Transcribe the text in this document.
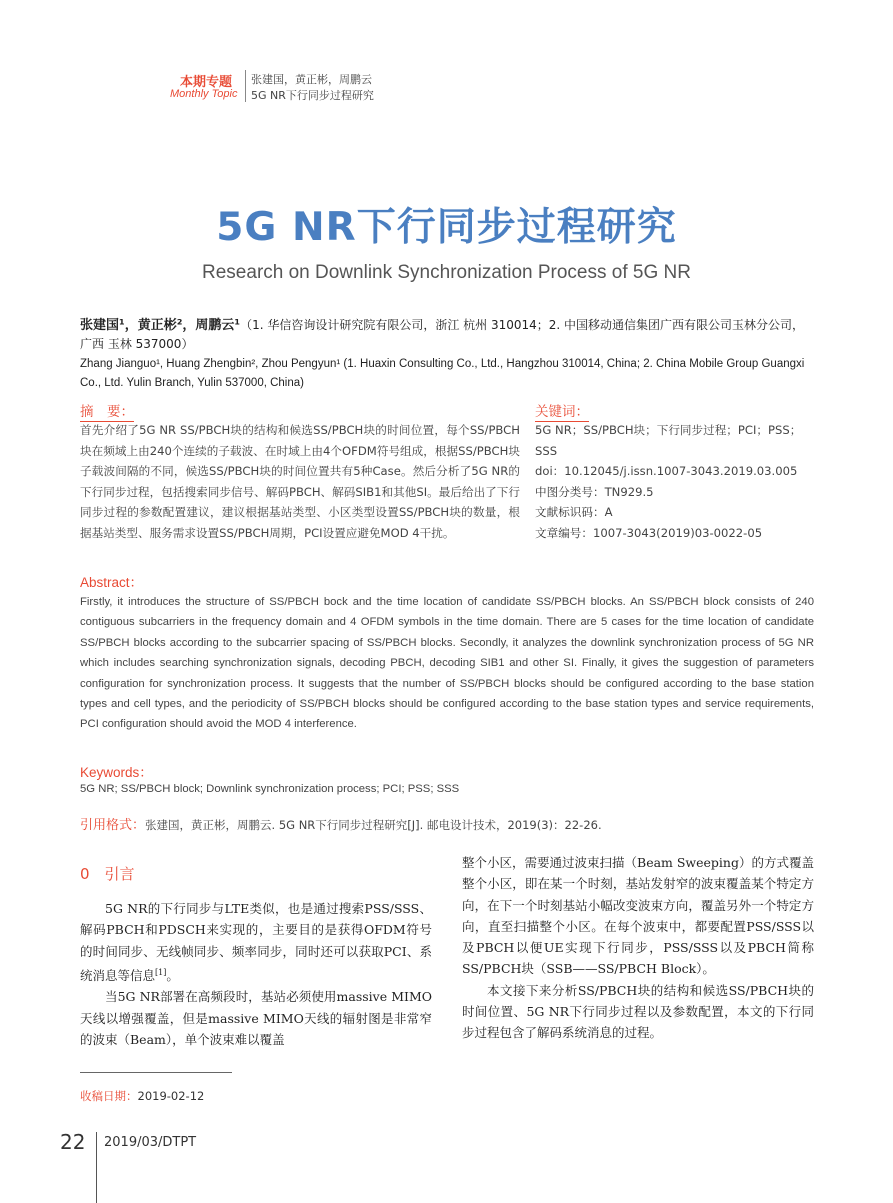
本期专题
Monthly Topic
张建国，黄正彬，周鹏云
5G NR下行同步过程研究
5G NR下行同步过程研究
Research on Downlink Synchronization Process of 5G NR
张建国¹，黄正彬²，周鹏云¹（1. 华信咨询设计研究院有限公司，浙江 杭州 310014；2. 中国移动通信集团广西有限公司玉林分公司，广西 玉林 537000）
Zhang Jianguo¹, Huang Zhengbin², Zhou Pengyun¹ (1. Huaxin Consulting Co., Ltd., Hangzhou 310014, China; 2. China Mobile Group Guangxi Co., Ltd. Yulin Branch, Yulin 537000, China)
摘　要：
首先介绍了5G NR SS/PBCH块的结构和候选SS/PBCH块的时间位置，每个SS/PBCH块在频域上由240个连续的子载波、在时域上由4个OFDM符号组成，根据SS/PBCH块子载波间隔的不同，候选SS/PBCH块的时间位置共有5种Case。然后分析了5G NR的下行同步过程，包括搜索同步信号、解码PBCH、解码SIB1和其他SI。最后给出了下行同步过程的参数配置建议，建议根据基站类型、小区类型设置SS/PBCH块的数量，根据基站类型、服务需求设置SS/PBCH周期，PCI设置应避免MOD 4干扰。
关键词：
5G NR；SS/PBCH块；下行同步过程；PCI；PSS；SSS
doi：10.12045/j.issn.1007-3043.2019.03.005
中图分类号：TN929.5
文献标识码：A
文章编号：1007-3043(2019)03-0022-05
Abstract：
Firstly, it introduces the structure of SS/PBCH bock and the time location of candidate SS/PBCH blocks. An SS/PBCH block consists of 240 contiguous subcarriers in the frequency domain and 4 OFDM symbols in the time domain. There are 5 cases for the time location of candidate SS/PBCH blocks according to the subcarrier spacing of SS/PBCH blocks. Secondly, it analyzes the downlink synchronization process of 5G NR which includes searching synchronization signals, decoding PBCH, decoding SIB1 and other SI. Finally, it gives the suggestion of parameters configuration for synchronization process. It suggests that the number of SS/PBCH blocks should be configured according to the base station types and cell types, and the periodicity of SS/PBCH blocks should be configured according to the base station types and service requirements, PCI configuration should avoid the MOD 4 interference.
Keywords：
5G NR; SS/PBCH block; Downlink synchronization process; PCI; PSS; SSS
引用格式：张建国，黄正彬，周鹏云. 5G NR下行同步过程研究[J]. 邮电设计技术，2019(3)：22-26.
0　引言

5G NR的下行同步与LTE类似，也是通过搜索PSS/SSS、解码PBCH和PDSCH来实现的，主要目的是获得OFDM符号的时间同步、无线帧同步、频率同步，同时还可以获取PCI、系统消息等信息[1]。

当5G NR部署在高频段时，基站必须使用massive MIMO天线以增强覆盖，但是massive MIMO天线的辐射图是非常窄的波束（Beam），单个波束难以覆盖

整个小区，需要通过波束扫描（Beam Sweeping）的方式覆盖整个小区，即在某一个时刻，基站发射窄的波束覆盖某个特定方向，在下一个时刻基站小幅改变波束方向，覆盖另外一个特定方向，直至扫描整个小区。在每个波束中，都要配置PSS/SSS以及PBCH以便UE实现下行同步，PSS/SSS以及PBCH简称SS/PBCH块（SSB——SS/PBCH Block）。

本文接下来分析SS/PBCH块的结构和候选SS/PBCH块的时间位置、5G NR下行同步过程以及参数配置，本文的下行同步过程包含了解码系统消息的过程。

收稿日期：2019-02-12
22 2019/03/DTPT
